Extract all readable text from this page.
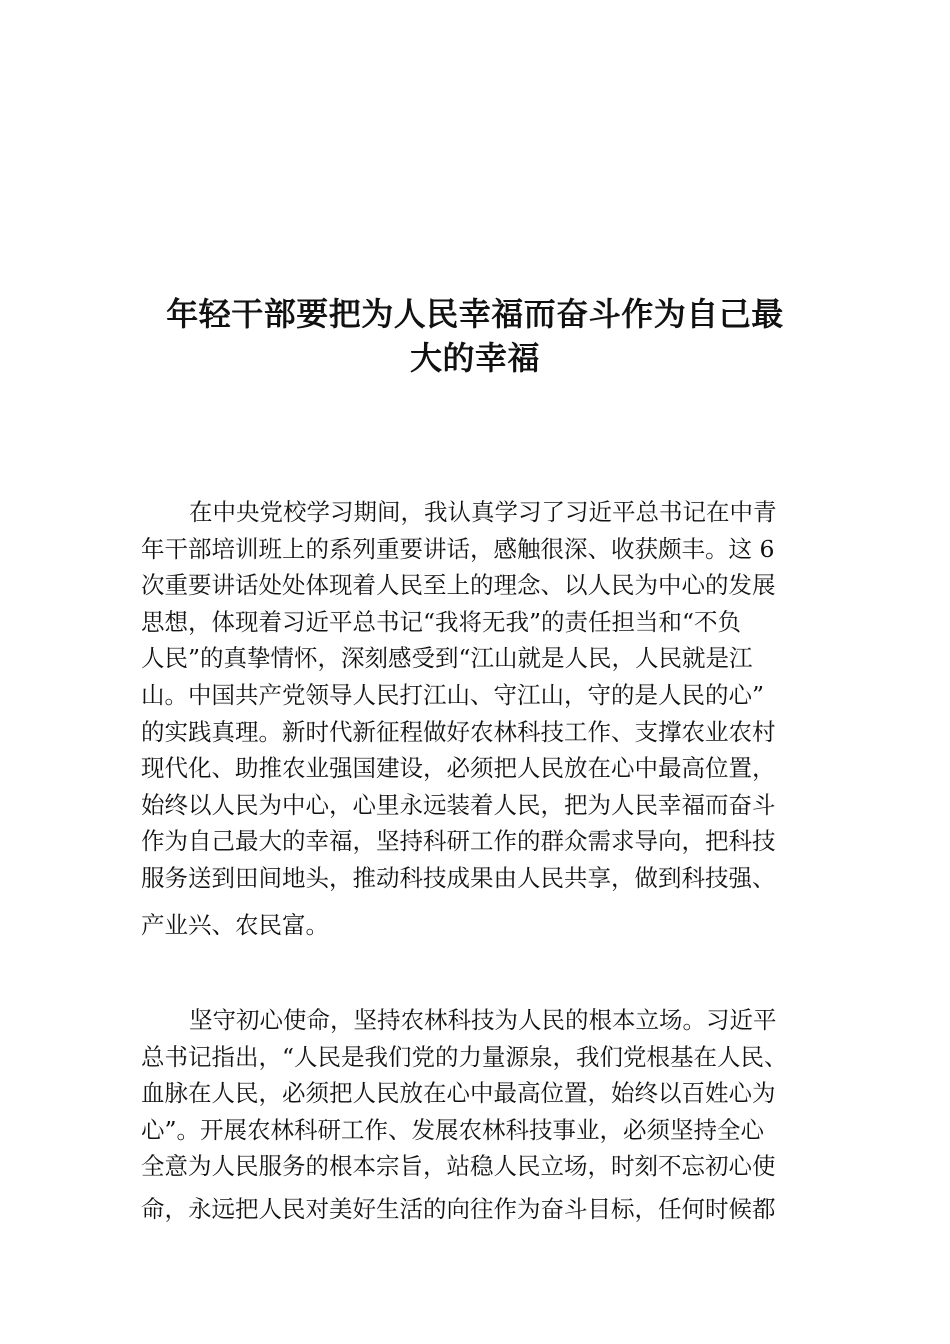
年轻干部要把为人民幸福而奋斗作为自己最
大的幸福
在中央党校学习期间，我认真学习了习近平总书记在中青
年干部培训班上的系列重要讲话，感触很深、收获颇丰。这 6
次重要讲话处处体现着人民至上的理念、以人民为中心的发展
思想，体现着习近平总书记“我将无我”的责任担当和“不负
人民”的真挚情怀，深刻感受到“江山就是人民，人民就是江
山。中国共产党领导人民打江山、守江山，守的是人民的心”
的实践真理。新时代新征程做好农林科技工作、支撑农业农村
现代化、助推农业强国建设，必须把人民放在心中最高位置，
始终以人民为中心，心里永远装着人民，把为人民幸福而奋斗
作为自己最大的幸福，坚持科研工作的群众需求导向，把科技
服务送到田间地头，推动科技成果由人民共享，做到科技强、
产业兴、农民富。
坚守初心使命，坚持农林科技为人民的根本立场。习近平
总书记指出，“人民是我们党的力量源泉，我们党根基在人民、
血脉在人民，必须把人民放在心中最高位置，始终以百姓心为
心”。开展农林科研工作、发展农林科技事业，必须坚持全心
全意为人民服务的根本宗旨，站稳人民立场，时刻不忘初心使
命，永远把人民对美好生活的向往作为奋斗目标，任何时候都
